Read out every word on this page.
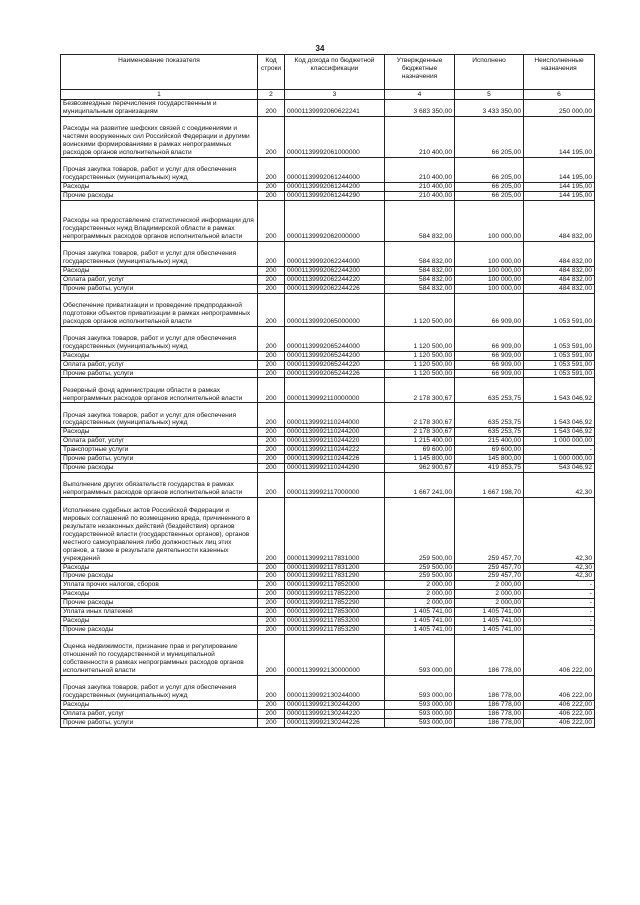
34
Наименование показателя	Код строки	Код дохода по бюджетной классификации	Утвержденные бюджетные назначения	Исполнено	Неисполненные назначения
1	2	3	4	5	6
Безвозмездные перечисления государственным и муниципальным организациям	200	00001139992060622241	3 683 350,00	3 433 350,00	250 000,00
Расходы на развитие шефских связей с соединениями и частями вооруженных сил Российской Федерации и другими воинскими формированиями в рамках непрограммных расходов органов исполнительной власти	200	00001139992061000000	210 400,00	66 205,00	144 195,00
Прочая закупка товаров, работ и услуг для обеспечения государственных (муниципальных) нужд	200	00001139992061244000	210 400,00	66 205,00	144 195,00
Расходы	200	00001139992061244200	210 400,00	66 205,00	144 195,00
Прочие расходы	200	00001139992061244290	210 400,00	66 205,00	144 195,00
Расходы на предоставление статистической информации для государственных нужд Владимирской области в рамках непрограммных расходов органов исполнительной власти	200	00001139992062000000	584 832,00	100 000,00	484 832,00
Прочая закупка товаров, работ и услуг для обеспечения государственных (муниципальных) нужд	200	00001139992062244000	584 832,00	100 000,00	484 832,00
Расходы	200	00001139992062244200	584 832,00	100 000,00	484 832,00
Оплата работ, услуг	200	00001139992062244220	584 832,00	100 000,00	484 832,00
Прочие работы, услуги	200	00001139992062244226	584 832,00	100 000,00	484 832,00
Обеспечение приватизации и проведение предпродажной подготовки объектов приватизации в рамках непрограммных расходов органов исполнительной власти	200	00001139992065000000	1 120 500,00	66 909,00	1 053 591,00
Прочая закупка товаров, работ и услуг для обеспечения государственных (муниципальных) нужд	200	00001139992065244000	1 120 500,00	66 909,00	1 053 591,00
Расходы	200	00001139992065244200	1 120 500,00	66 909,00	1 053 591,00
Оплата работ, услуг	200	00001139992065244220	1 120 500,00	66 909,00	1 053 591,00
Прочие работы, услуги	200	00001139992065244226	1 120 500,00	66 909,00	1 053 591,00
Резервный фонд администрации области в рамках непрограммных расходов органов исполнительной власти	200	00001139992110000000	2 178 300,67	635 253,75	1 543 046,92
Прочая закупка товаров, работ и услуг для обеспечения государственных (муниципальных) нужд	200	00001139992110244000	2 178 300,67	635 253,75	1 543 046,92
Расходы	200	00001139992110244200	2 178 300,67	635 253,75	1 543 046,92
Оплата работ, услуг	200	00001139992110244220	1 215 400,00	215 400,00	1 000 000,00
Транспортные услуги	200	00001139992110244222	69 600,00	69 600,00	-
Прочие работы, услуги	200	00001139992110244226	1 145 800,00	145 800,00	1 000 000,00
Прочие расходы	200	00001139992110244290	962 900,67	419 853,75	543 046,92
Выполнение других обязательств государства в рамках непрограммных расходов органов исполнительной власти	200	00001139992117000000	1 667 241,00	1 667 198,70	42,30
Исполнение судебных актов Российской Федерации и мировых соглашений по возмещению вреда, причиненного в результате незаконных действий (бездействия) органов государственной власти (государственных органов), органов местного самоуправления либо должностных лиц этих органов, а также в результате деятельности казенных учреждений	200	00001139992117831000	259 500,00	259 457,70	42,30
Расходы	200	00001139992117831200	259 500,00	259 457,70	42,30
Прочие расходы	200	00001139992117831290	259 500,00	259 457,70	42,30
Уплата прочих налогов, сборов	200	00001139992117852000	2 000,00	2 000,00	-
Расходы	200	00001139992117852200	2 000,00	2 000,00	-
Прочие расходы	200	00001139992117852290	2 000,00	2 000,00	-
Уплата иных платежей	200	00001139992117853000	1 405 741,00	1 405 741,00	-
Расходы	200	00001139992117853200	1 405 741,00	1 405 741,00	-
Прочие расходы	200	00001139992117853290	1 405 741,00	1 405 741,00	-
Оценка недвижимости, признание прав и регулирование отношений по государственной и муниципальной собственности в рамках непрограммных расходов органов исполнительной власти	200	00001139992130000000	593 000,00	186 778,00	406 222,00
Прочая закупка товаров, работ и услуг для обеспечения государственных (муниципальных) нужд	200	00001139992130244000	593 000,00	186 778,00	406 222,00
Расходы	200	00001139992130244200	593 000,00	186 778,00	406 222,00
Оплата работ, услуг	200	00001139992130244220	593 000,00	186 778,00	406 222,00
Прочие работы, услуги	200	00001139992130244226	593 000,00	186 778,00	406 222,00
